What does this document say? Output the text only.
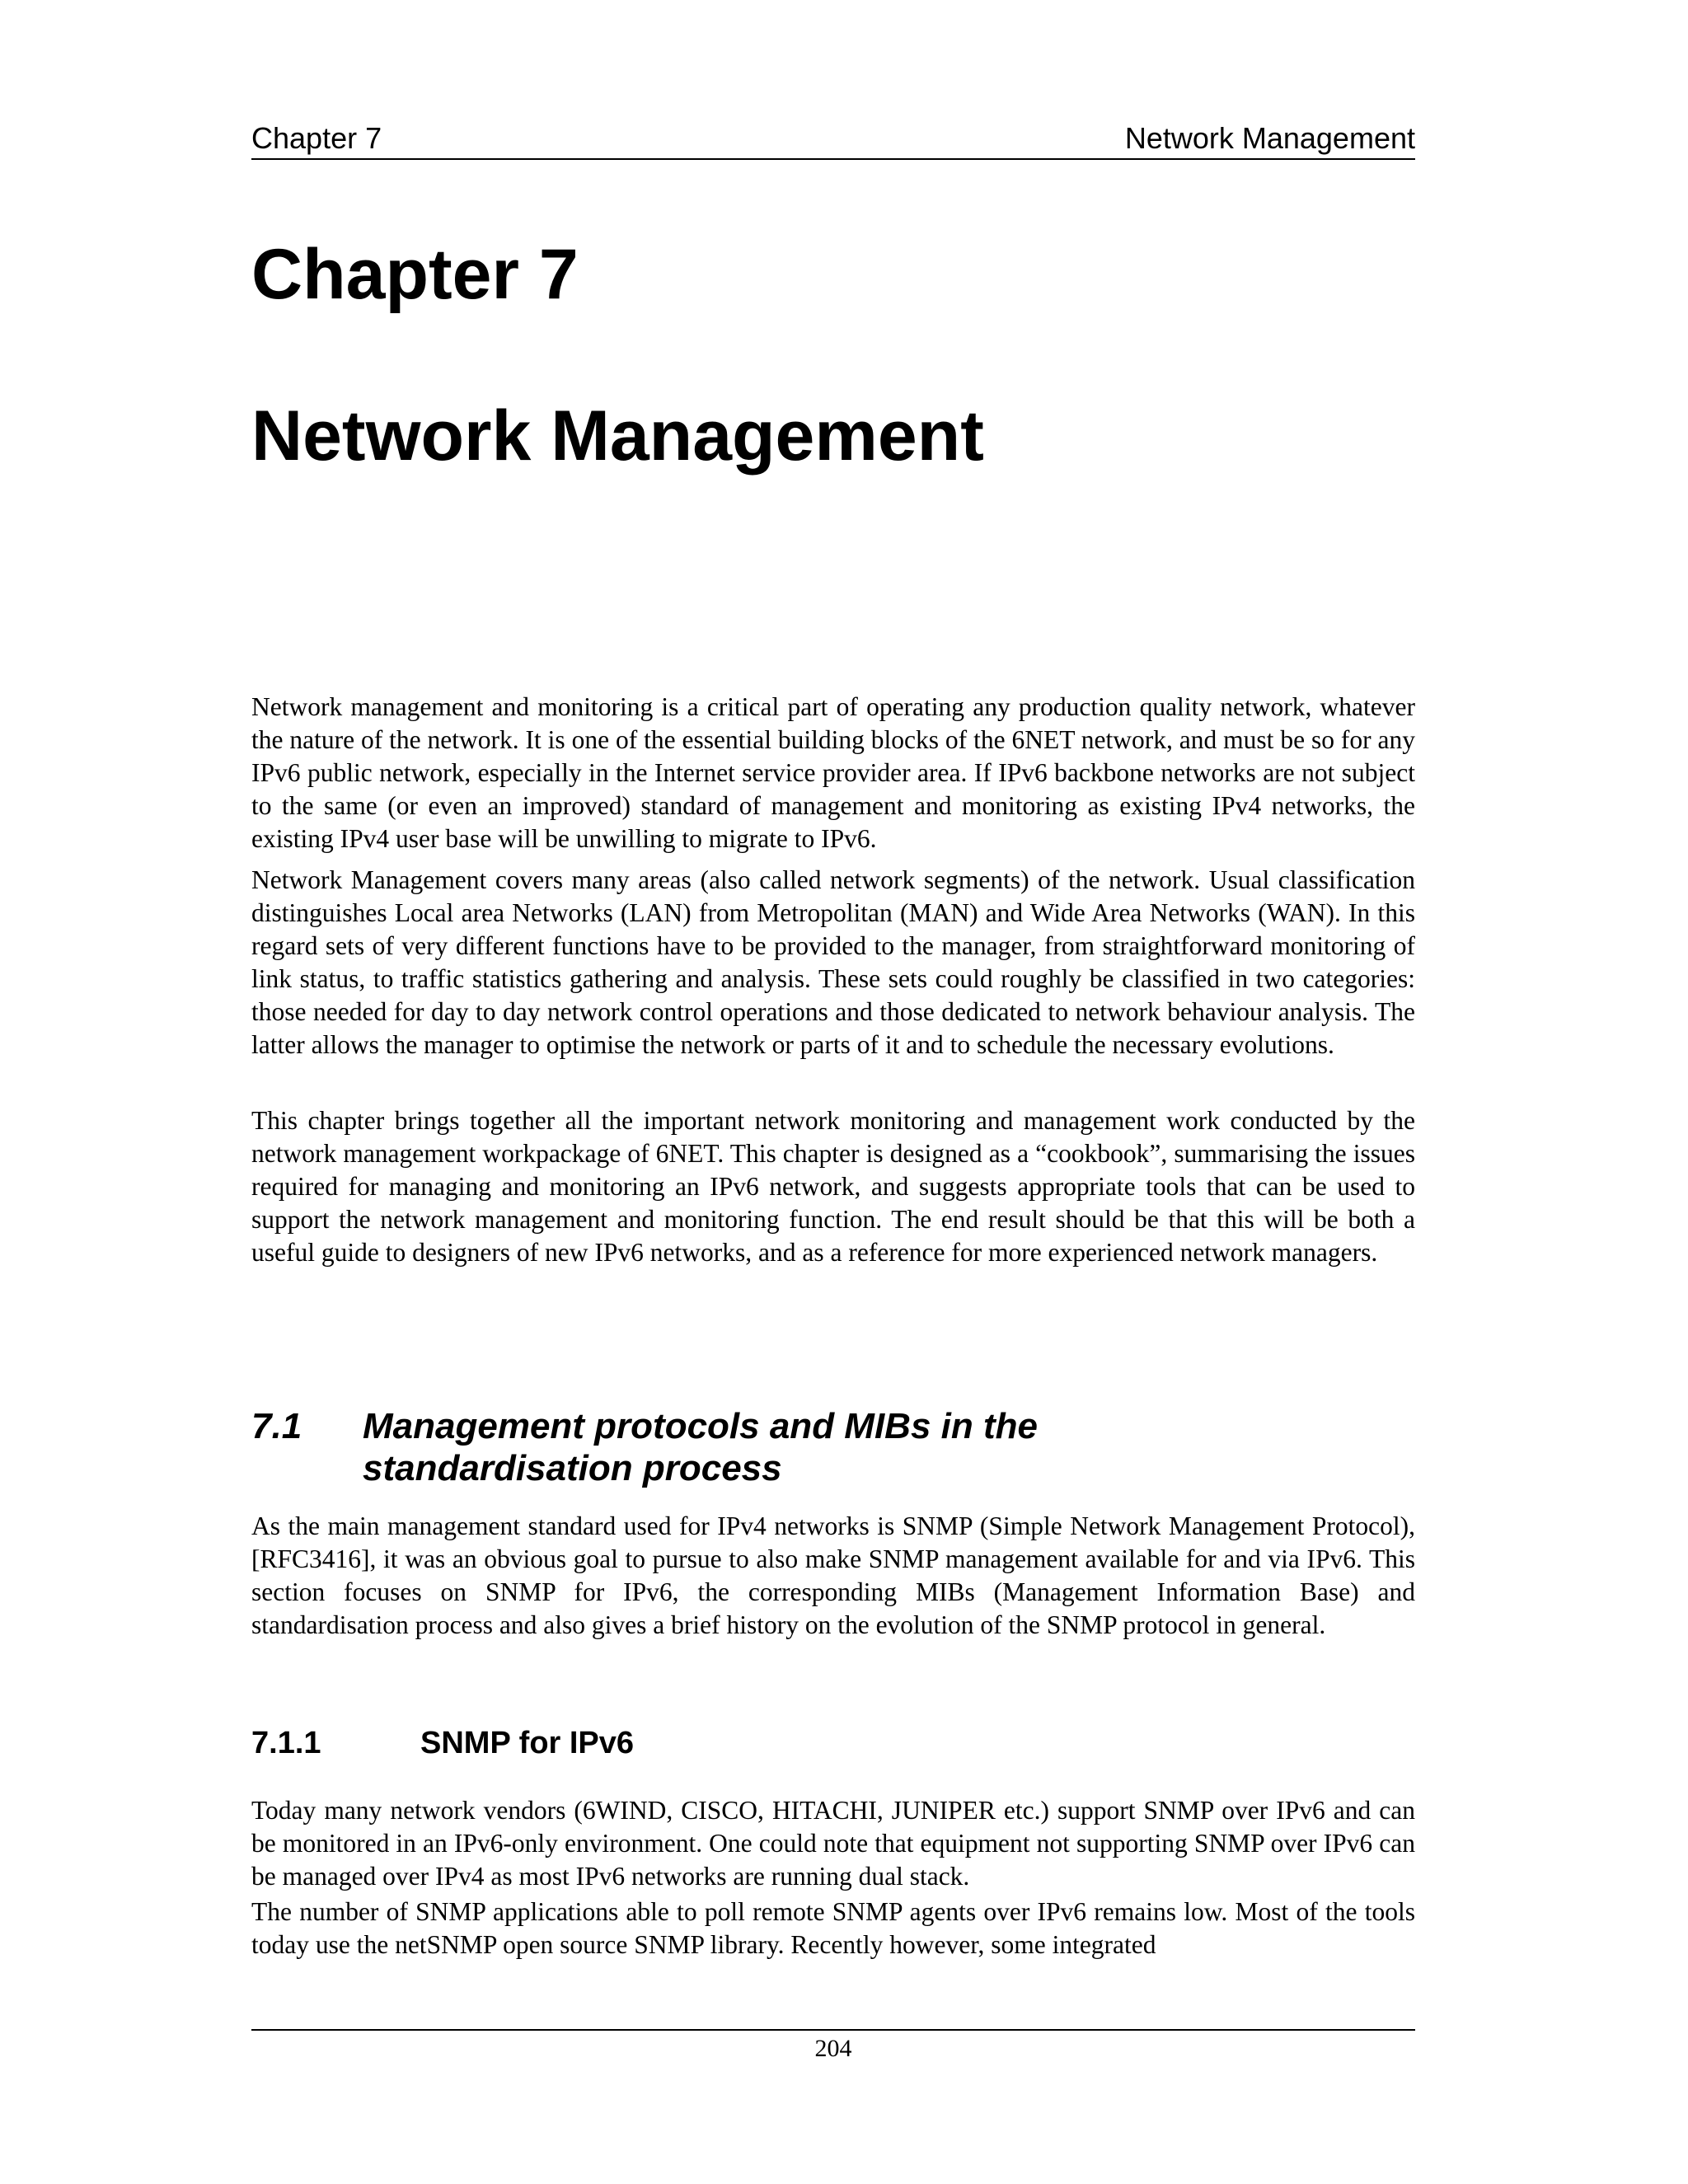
Chapter 7	Network Management
Chapter 7
Network Management

Network management and monitoring is a critical part of operating any production quality network, whatever the nature of the network. It is one of the essential building blocks of the 6NET network, and must be so for any IPv6 public network, especially in the Internet service provider area. If IPv6 backbone networks are not subject to the same (or even an improved) standard of management and monitoring as existing IPv4 networks, the existing IPv4 user base will be unwilling to migrate to IPv6.

Network Management covers many areas (also called network segments) of the network. Usual classification distinguishes Local area Networks (LAN) from Metropolitan (MAN) and Wide Area Networks (WAN). In this regard sets of very different functions have to be provided to the manager, from straightforward monitoring of link status, to traffic statistics gathering and analysis. These sets could roughly be classified in two categories: those needed for day to day network control operations and those dedicated to network behaviour analysis. The latter allows the manager to optimise the network or parts of it and to schedule the necessary evolutions.

This chapter brings together all the important network monitoring and management work conducted by the network management workpackage of 6NET. This chapter is designed as a “cookbook”, summarising the issues required for managing and monitoring an IPv6 network, and suggests appropriate tools that can be used to support the network management and monitoring function. The end result should be that this will be both a useful guide to designers of new IPv6 networks, and as a reference for more experienced network managers.

7.1 Management protocols and MIBs in the standardisation process

As the main management standard used for IPv4 networks is SNMP (Simple Network Management Protocol), [RFC3416], it was an obvious goal to pursue to also make SNMP management available for and via IPv6. This section focuses on SNMP for IPv6, the corresponding MIBs (Management Information Base) and standardisation process and also gives a brief history on the evolution of the SNMP protocol in general.

7.1.1	SNMP for IPv6

Today many network vendors (6WIND, CISCO, HITACHI, JUNIPER etc.) support SNMP over IPv6 and can be monitored in an IPv6-only environment. One could note that equipment not supporting SNMP over IPv6 can be managed over IPv4 as most IPv6 networks are running dual stack.

The number of SNMP applications able to poll remote SNMP agents over IPv6 remains low. Most of the tools today use the netSNMP open source SNMP library. Recently however, some integrated

204
